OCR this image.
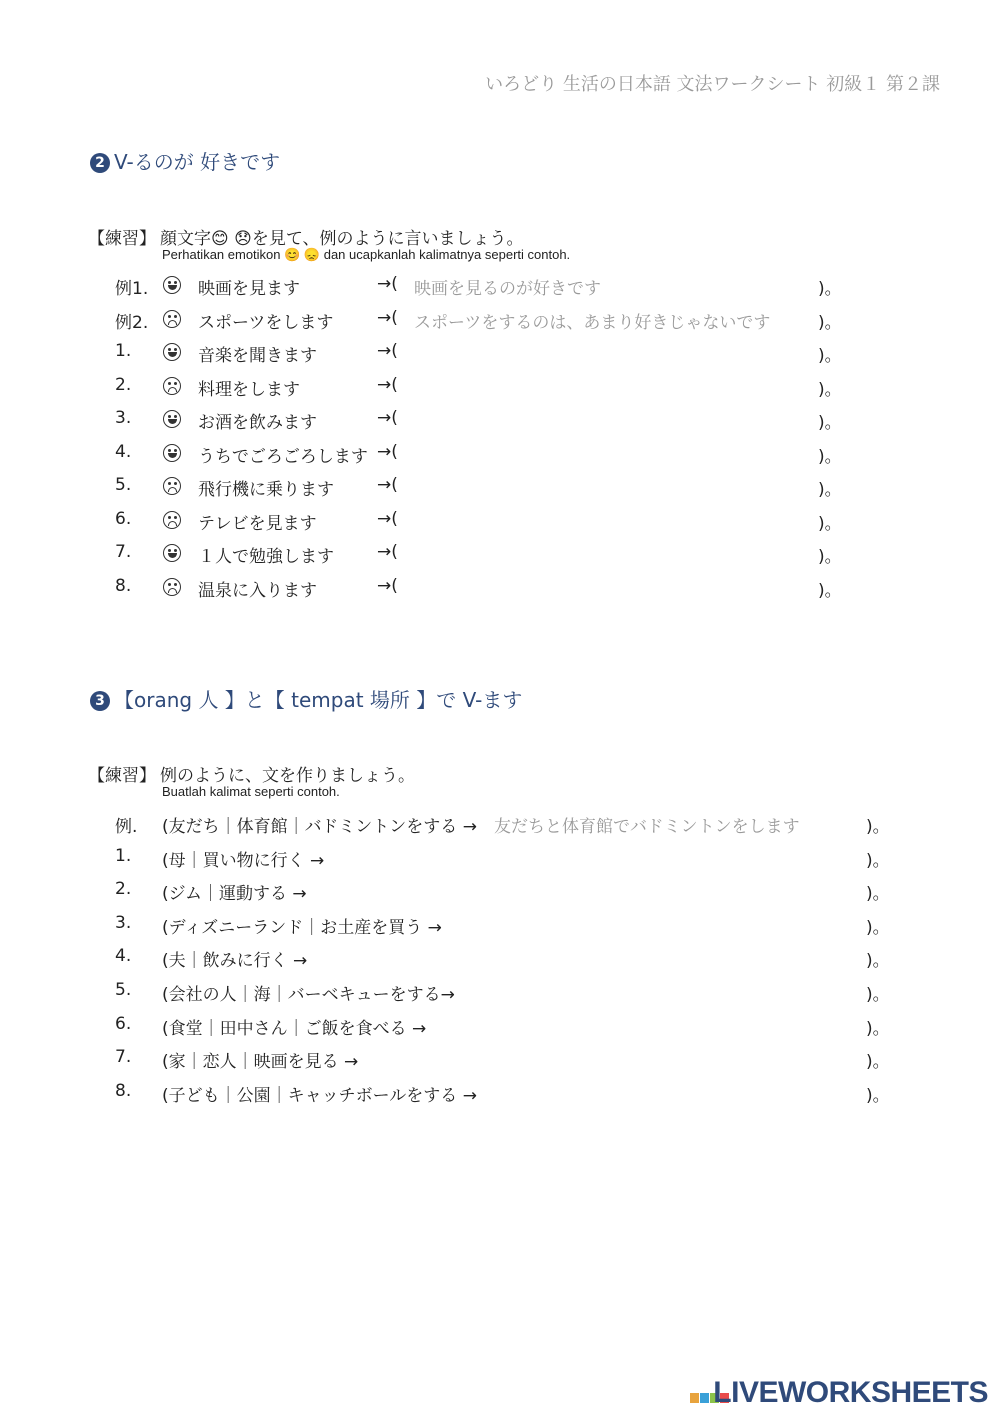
いろどり 生活の日本語 文法ワークシート 初級１ 第２課
2 V-るのが 好きです
【練習】 顔文字😊 😞を見て、例のように言いましょう。
Perhatikan emotikon 😊 😞 dan ucapkanlah kalimatnya seperti contoh.
例1.	映画を見ます	→( 映画を見るのが好きです	)。
例2.	スポーツをします	→( スポーツをするのは、あまり好きじゃないです	)。
1.	音楽を聞きます	→(	)。
2.	料理をします	→(	)。
3.	お酒を飲みます	→(	)。
4.	うちでごろごろします →(	)。
5.	飛行機に乗ります	→(	)。
6.	テレビを見ます	→(	)。
7.	１人で勉強します	→(	)。
8.	温泉に入ります	→(	)。
3 【orang 人 】と【 tempat 場所 】で V-ます
【練習】 例のように、文を作りましょう。
Buatlah kalimat seperti contoh.
例. (友だち｜体育館｜バドミントンをする → 友だちと体育館でバドミントンをします	)。
1. (母｜買い物に行く →	)。
2. (ジム｜運動する →	)。
3. (ディズニーランド｜お土産を買う →	)。
4. (夫｜飲みに行く →	)。
5. (会社の人｜海｜バーベキューをする→	)。
6. (食堂｜田中さん｜ご飯を食べる →	)。
7. (家｜恋人｜映画を見る →	)。
8. (子ども｜公園｜キャッチボールをする →	)。
LIVEWORKSHEETS
